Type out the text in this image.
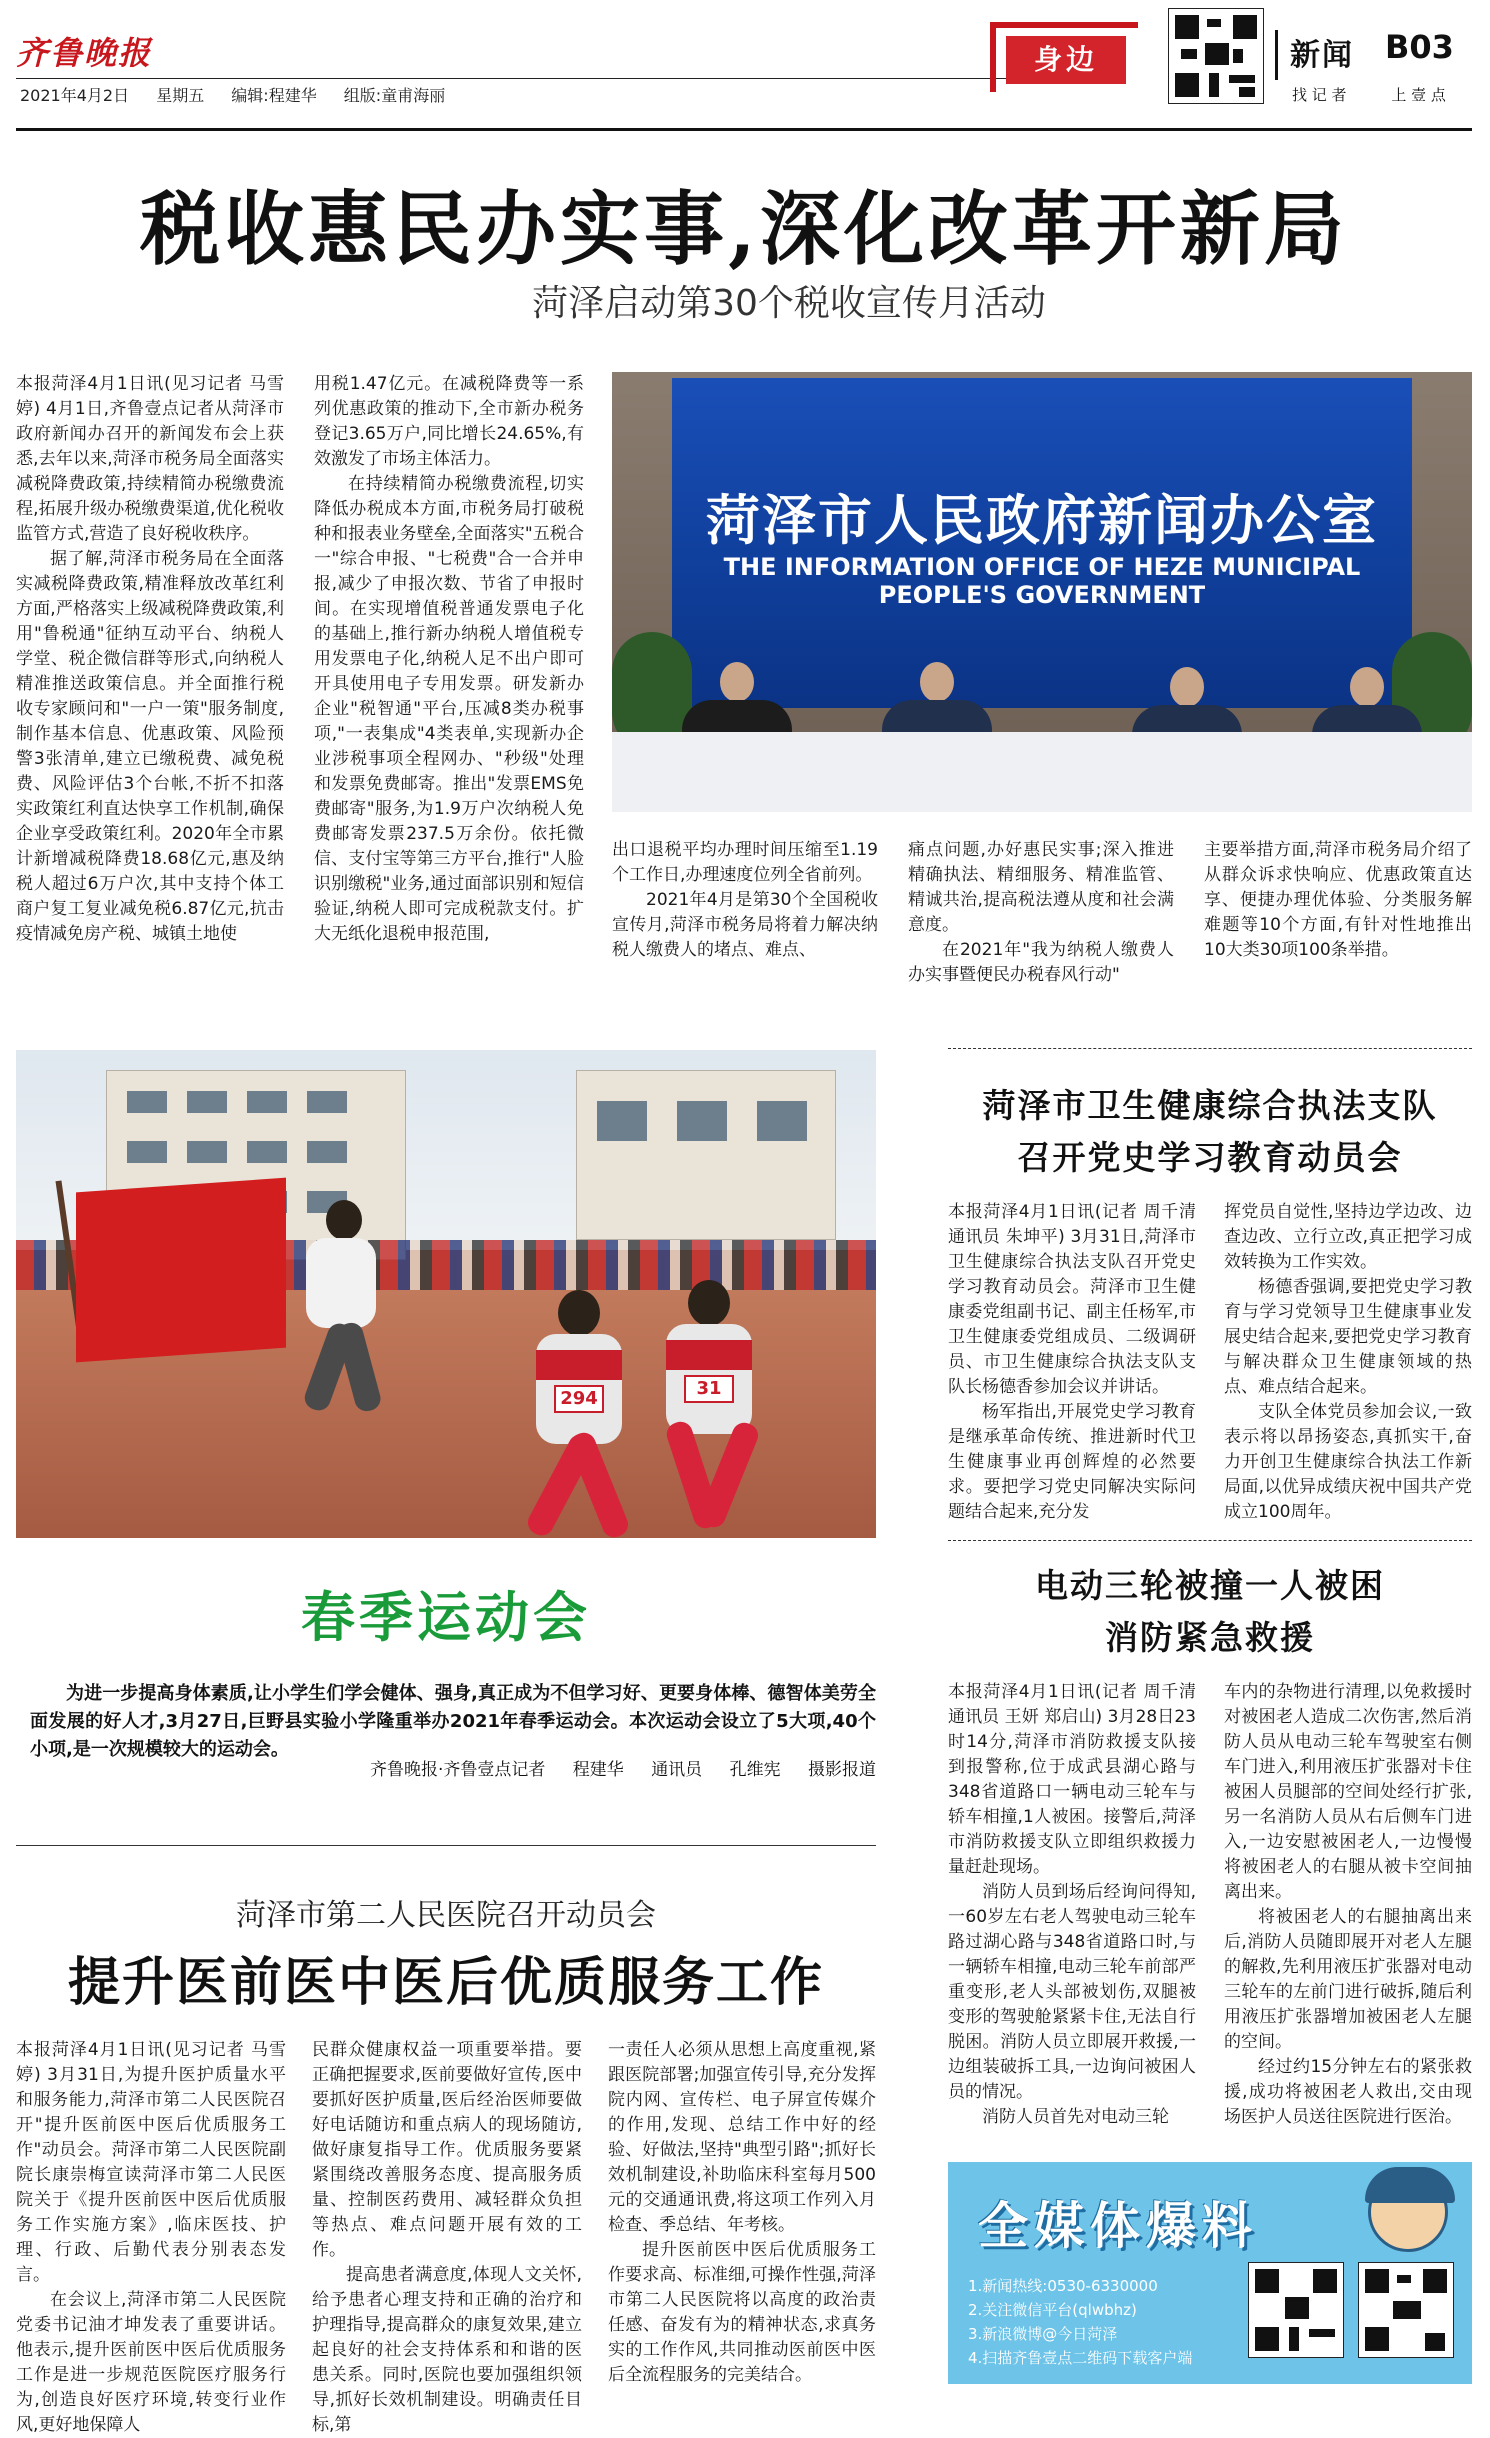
齐鲁晚报
2021年4月2日 星期五 编辑:程建华 组版:童甫海丽
身边	新闻 B03
找 记 者	上 壹 点
税收惠民办实事,深化改革开新局
菏泽启动第30个税收宣传月活动

本报菏泽4月1日讯(见习记者 马雪婷) 4月1日,齐鲁壹点记者从菏泽市政府新闻办召开的新闻发布会上获悉,去年以来,菏泽市税务局全面落实减税降费政策,持续精简办税缴费流程,拓展升级办税缴费渠道,优化税收监管方式,营造了良好税收秩序。

据了解,菏泽市税务局在全面落实减税降费政策,精准释放改革红利方面,严格落实上级减税降费政策,利用"鲁税通"征纳互动平台、纳税人学堂、税企微信群等形式,向纳税人精准推送政策信息。并全面推行税收专家顾问和"一户一策"服务制度,制作基本信息、优惠政策、风险预警3张清单,建立已缴税费、减免税费、风险评估3个台帐,不折不扣落实政策红利直达快享工作机制,确保企业享受政策红利。2020年全市累计新增减税降费18.68亿元,惠及纳税人超过6万户次,其中支持个体工商户复工复业减免税6.87亿元,抗击疫情减免房产税、城镇土地使

用税1.47亿元。在减税降费等一系列优惠政策的推动下,全市新办税务登记3.65万户,同比增长24.65%,有效激发了市场主体活力。

在持续精简办税缴费流程,切实降低办税成本方面,市税务局打破税种和报表业务壁垒,全面落实"五税合一"综合申报、"七税费"合一合并申报,减少了申报次数、节省了申报时间。在实现增值税普通发票电子化的基础上,推行新办纳税人增值税专用发票电子化,纳税人足不出户即可开具使用电子专用发票。研发新办企业"税智通"平台,压减8类办税事项,"一表集成"4类表单,实现新办企业涉税事项全程网办、"秒级"处理和发票免费邮寄。推出"发票EMS免费邮寄"服务,为1.9万户次纳税人免费邮寄发票237.5万余份。依托微信、支付宝等第三方平台,推行"人脸识别缴税"业务,通过面部识别和短信验证,纳税人即可完成税款支付。扩大无纸化退税申报范围,

菏泽市人民政府新闻办公室
THE INFORMATION OFFICE OF HEZE MUNICIPAL PEOPLE'S GOVERNMENT

出口退税平均办理时间压缩至1.19个工作日,办理速度位列全省前列。

2021年4月是第30个全国税收宣传月,菏泽市税务局将着力解决纳税人缴费人的堵点、难点、

痛点问题,办好惠民实事;深入推进精确执法、精细服务、精准监管、精诚共治,提高税法遵从度和社会满意度。

在2021年"我为纳税人缴费人办实事暨便民办税春风行动"

主要举措方面,菏泽市税务局介绍了从群众诉求快响应、优惠政策直达享、便捷办理优体验、分类服务解难题等10个方面,有针对性地推出10大类30项100条举措。

294	31
春季运动会
为进一步提高身体素质,让小学生们学会健体、强身,真正成为不但学习好、更要身体棒、德智体美劳全面发展的好人才,3月27日,巨野县实验小学隆重举办2021年春季运动会。本次运动会设立了5大项,40个小项,是一次规模较大的运动会。
齐鲁晚报·齐鲁壹点记者 程建华 通讯员 孔维宪 摄影报道
菏泽市卫生健康综合执法支队
召开党史学习教育动员会

本报菏泽4月1日讯(记者 周千清 通讯员 朱坤平) 3月31日,菏泽市卫生健康综合执法支队召开党史学习教育动员会。菏泽市卫生健康委党组副书记、副主任杨军,市卫生健康委党组成员、二级调研员、市卫生健康综合执法支队支队长杨德香参加会议并讲话。

杨军指出,开展党史学习教育是继承革命传统、推进新时代卫生健康事业再创辉煌的必然要求。要把学习党史同解决实际问题结合起来,充分发

挥党员自觉性,坚持边学边改、边查边改、立行立改,真正把学习成效转换为工作实效。

杨德香强调,要把党史学习教育与学习党领导卫生健康事业发展史结合起来,要把党史学习教育与解决群众卫生健康领域的热点、难点结合起来。

支队全体党员参加会议,一致表示将以昂扬姿态,真抓实干,奋力开创卫生健康综合执法工作新局面,以优异成绩庆祝中国共产党成立100周年。

电动三轮被撞一人被困
消防紧急救援

本报菏泽4月1日讯(记者 周千清 通讯员 王妍 郑启山) 3月28日23时14分,菏泽市消防救援支队接到报警称,位于成武县湖心路与348省道路口一辆电动三轮车与轿车相撞,1人被困。接警后,菏泽市消防救援支队立即组织救援力量赶赴现场。

消防人员到场后经询问得知,一60岁左右老人驾驶电动三轮车路过湖心路与348省道路口时,与一辆轿车相撞,电动三轮车前部严重变形,老人头部被划伤,双腿被变形的驾驶舱紧紧卡住,无法自行脱困。消防人员立即展开救援,一边组装破拆工具,一边询问被困人员的情况。

消防人员首先对电动三轮

车内的杂物进行清理,以免救援时对被困老人造成二次伤害,然后消防人员从电动三轮车驾驶室右侧车门进入,利用液压扩张器对卡住被困人员腿部的空间处经行扩张,另一名消防人员从右后侧车门进入,一边安慰被困老人,一边慢慢将被困老人的右腿从被卡空间抽离出来。

将被困老人的右腿抽离出来后,消防人员随即展开对老人左腿的解救,先利用液压扩张器对电动三轮车的左前门进行破拆,随后利用液压扩张器增加被困老人左腿的空间。

经过约15分钟左右的紧张救援,成功将被困老人救出,交由现场医护人员送往医院进行医治。

菏泽市第二人民医院召开动员会
提升医前医中医后优质服务工作

本报菏泽4月1日讯(见习记者 马雪婷) 3月31日,为提升医护质量水平和服务能力,菏泽市第二人民医院召开"提升医前医中医后优质服务工作"动员会。菏泽市第二人民医院副院长康崇梅宣读菏泽市第二人民医院关于《提升医前医中医后优质服务工作实施方案》,临床医技、护理、行政、后勤代表分别表态发言。

在会议上,菏泽市第二人民医院党委书记油才坤发表了重要讲话。他表示,提升医前医中医后优质服务工作是进一步规范医院医疗服务行为,创造良好医疗环境,转变行业作风,更好地保障人

民群众健康权益一项重要举措。要正确把握要求,医前要做好宣传,医中要抓好医护质量,医后经治医师要做好电话随访和重点病人的现场随访,做好康复指导工作。优质服务要紧紧围绕改善服务态度、提高服务质量、控制医药费用、减轻群众负担等热点、难点问题开展有效的工作。

提高患者满意度,体现人文关怀,给予患者心理支持和正确的治疗和护理指导,提高群众的康复效果,建立起良好的社会支持体系和和谐的医患关系。同时,医院也要加强组织领导,抓好长效机制建设。明确责任目标,第

一责任人必须从思想上高度重视,紧跟医院部署;加强宣传引导,充分发挥院内网、宣传栏、电子屏宣传媒介的作用,发现、总结工作中好的经验、好做法,坚持"典型引路";抓好长效机制建设,补助临床科室每月500元的交通通讯费,将这项工作列入月检查、季总结、年考核。

提升医前医中医后优质服务工作要求高、标准细,可操作性强,菏泽市第二人民医院将以高度的政治责任感、奋发有为的精神状态,求真务实的工作作风,共同推动医前医中医后全流程服务的完美结合。

全媒体爆料
1.新闻热线:0530-6330000
2.关注微信平台(qlwbhz)
3.新浪微博@今日菏泽
4.扫描齐鲁壹点二维码下载客户端
